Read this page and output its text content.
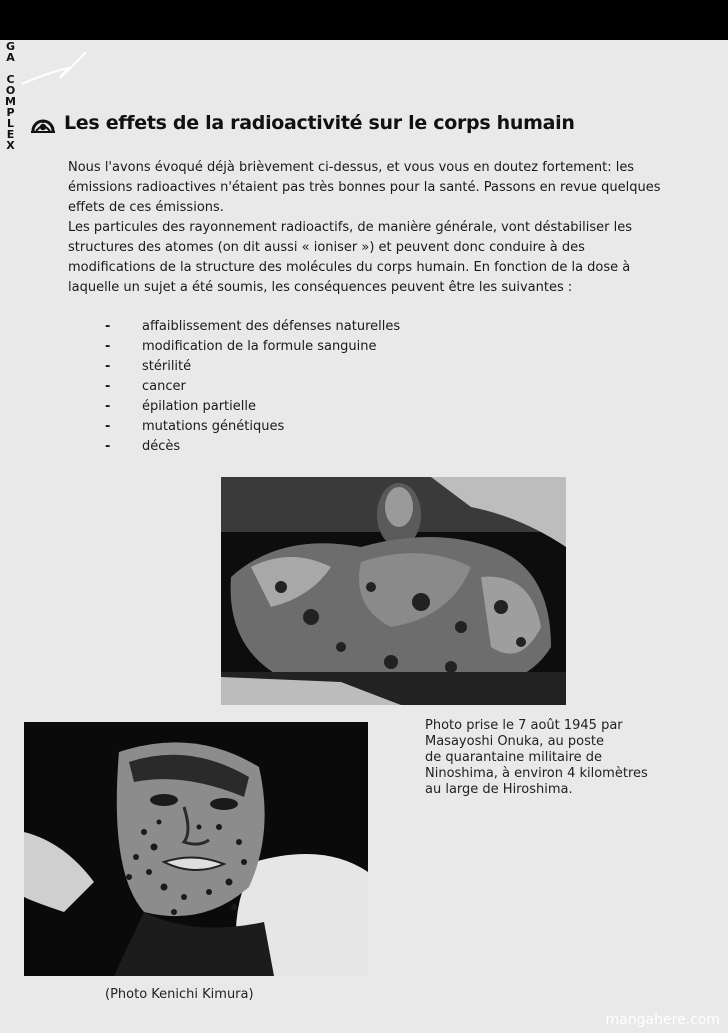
GA COMPLEX Les effets de la radioactivité sur le corps humain

Nous l'avons évoqué déjà brièvement ci-dessus, et vous vous en doutez fortement: les émissions radioactives n'étaient pas très bonnes pour la santé. Passons en revue quelques effets de ces émissions.

Les particules des rayonnement radioactifs, de manière générale, vont déstabiliser les structures des atomes (on dit aussi « ioniser ») et peuvent donc conduire à des modifications de la structure des molécules du corps humain. En fonction de la dose à laquelle un sujet a été soumis, les conséquences peuvent être les suivantes :

-	affaiblissement des défenses naturelles
-	modification de la formule sanguine
-	stérilité
-	cancer
-	épilation partielle
-	mutations génétiques
-	décès
Photo prise le 7 août 1945 par
Masayoshi Onuka, au poste
de quarantaine militaire de
Ninoshima, à environ 4 kilomètres
au large de Hiroshima.
(Photo Kenichi Kimura)
mangahere.com
